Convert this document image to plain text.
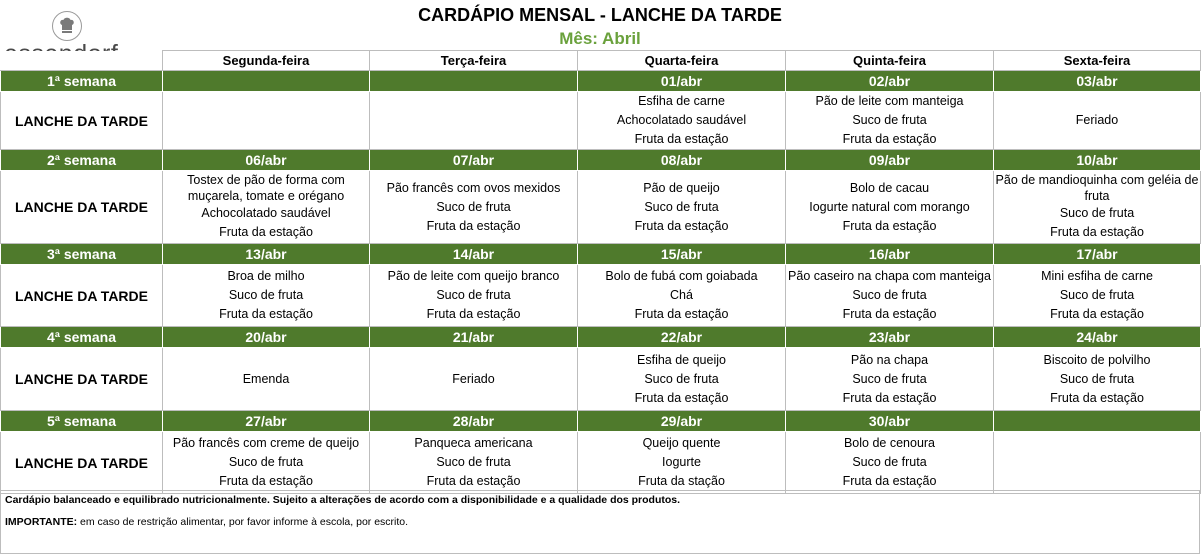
CARDÁPIO MENSAL - LANCHE DA TARDE
Mês: Abril
	Segunda-feira	Terça-feira	Quarta-feira	Quinta-feira	Sexta-feira
1ª semana			01/abr	02/abr	03/abr
LANCHE DA TARDE			Esfiha de carne
Achocolatado saudável
Fruta da estação	Pão de leite com manteiga
Suco de fruta
Fruta da estação	Feriado

2ª semana	06/abr	07/abr	08/abr	09/abr	10/abr
LANCHE DA TARDE	Tostex de pão de forma com muçarela, tomate e orégano
Achocolatado saudável
Fruta da estação	Pão francês com ovos mexidos
Suco de fruta
Fruta da estação	Pão de queijo
Suco de fruta
Fruta da estação	Bolo de cacau
Iogurte natural com morango
Fruta da estação	Pão de mandioquinha com geléia de fruta
Suco de fruta
Fruta da estação

3ª semana	13/abr	14/abr	15/abr	16/abr	17/abr
LANCHE DA TARDE	Broa de milho
Suco de fruta
Fruta da estação	Pão de leite com queijo branco
Suco de fruta
Fruta da estação	Bolo de fubá com goiabada
Chá
Fruta da estação	Pão caseiro na chapa com manteiga
Suco de fruta
Fruta da estação	Mini esfiha de carne
Suco de fruta
Fruta da estação

4ª semana	20/abr	21/abr	22/abr	23/abr	24/abr
LANCHE DA TARDE	Emenda	Feriado	Esfiha de queijo
Suco de fruta
Fruta da estação	Pão na chapa
Suco de fruta
Fruta da estação	Biscoito de polvilho
Suco de fruta
Fruta da estação

5ª semana	27/abr	28/abr	29/abr	30/abr	
LANCHE DA TARDE	Pão francês com creme de queijo
Suco de fruta
Fruta da estação	Panqueca americana
Suco de fruta
Fruta da estação	Queijo quente
Iogurte
Fruta da stação	Bolo de cenoura
Suco de fruta
Fruta da estação	

Cardápio balanceado e equilibrado nutricionalmente. Sujeito a alterações de acordo com a disponibilidade e a qualidade dos produtos.
IMPORTANTE: em caso de restrição alimentar, por favor informe à escola, por escrito.
